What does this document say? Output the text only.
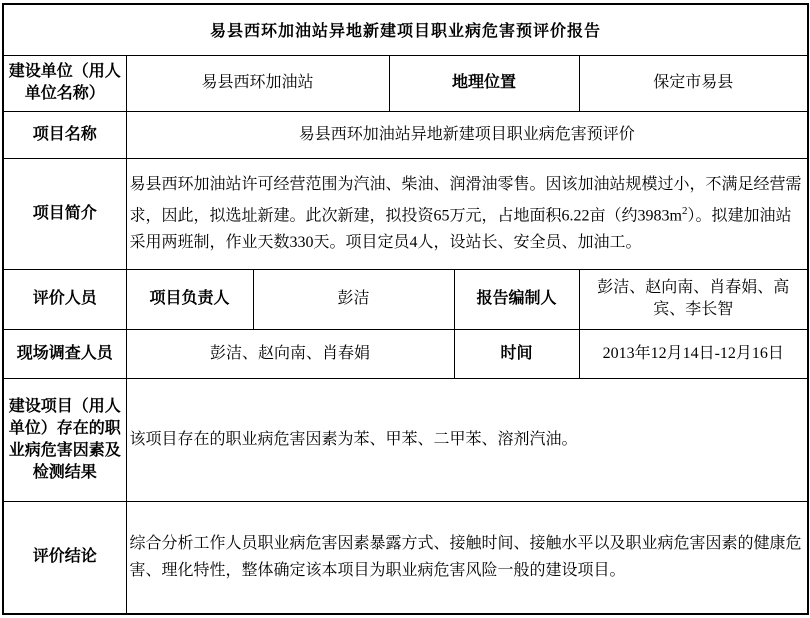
易县西环加油站异地新建项目职业病危害预评价报告					
建设单位（用人单位名称）	易县西环加油站		地理位置		保定市易县
项目名称	易县西环加油站异地新建项目职业病危害预评价				
项目简介	易县西环加油站许可经营范围为汽油、柴油、润滑油零售。因该加油站规模过小，不满足经营需求，因此，拟选址新建。此次新建，拟投资65万元，占地面积6.22亩（约$3983m^2$）。拟建加油站采用两班制，作业天数330天。项目定员4人，设站长、安全员、加油工。				
评价人员	项目负责人	彭洁		报告编制人	彭洁、赵向南、肖春娟、高宾、李长智
现场调查人员	彭洁、赵向南、肖春娟			时间	2013年12月14日-12月16日
建设项目（用人单位）存在的职业病危害因素及检测结果	该项目存在的职业病危害因素为苯、甲苯、二甲苯、溶剂汽油。				
评价结论	综合分析工作人员职业病危害因素暴露方式、接触时间、接触水平以及职业病危害因素的健康危害、理化特性，整体确定该本项目为职业病危害风险一般的建设项目。				
